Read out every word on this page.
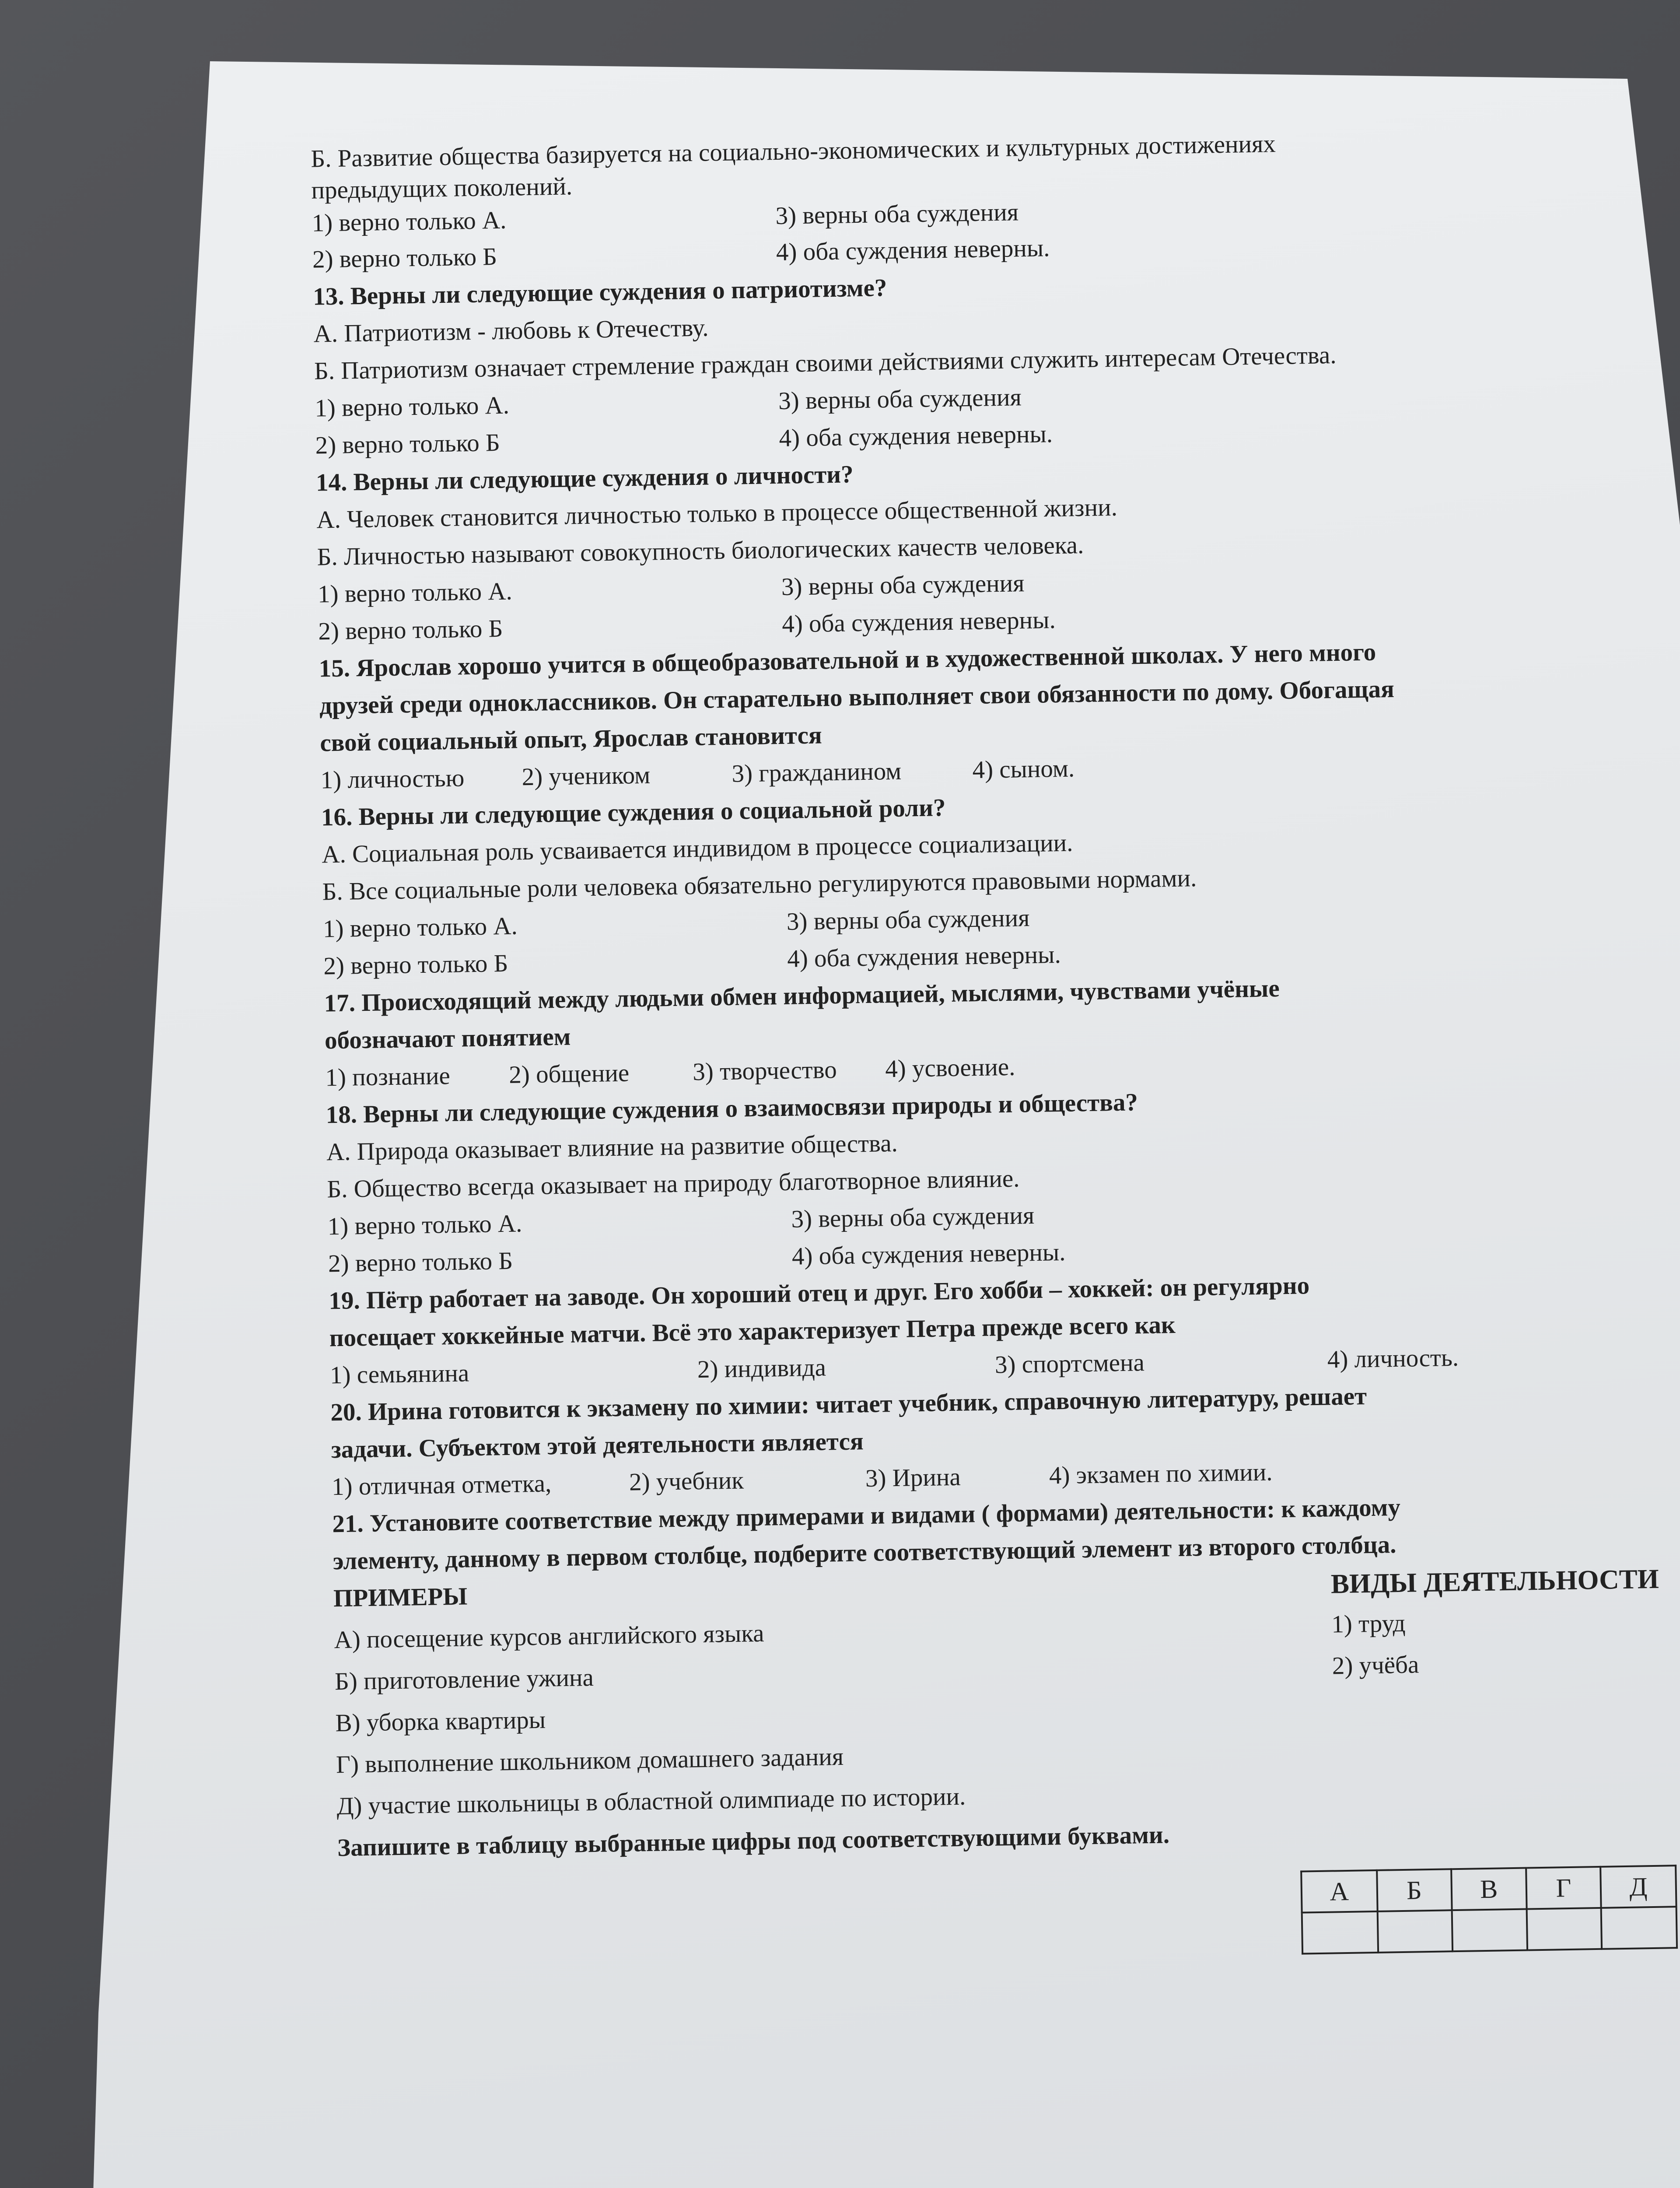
Б. Развитие общества базируется на социально-экономических и культурных достижениях
предыдущих поколений.
1) верно только А.	3) верны оба суждения
2) верно только Б	4) оба суждения неверны.
13. Верны ли следующие суждения о патриотизме?
А. Патриотизм - любовь к Отечеству.
Б. Патриотизм означает стремление граждан своими действиями служить интересам Отечества.
1) верно только А.	3) верны оба суждения
2) верно только Б	4) оба суждения неверны.
14. Верны ли следующие суждения о личности?
А. Человек становится личностью только в процессе общественной жизни.
Б. Личностью называют совокупность биологических качеств человека.
1) верно только А.	3) верны оба суждения
2) верно только Б	4) оба суждения неверны.
15. Ярослав хорошо учится в общеобразовательной и в художественной школах. У него много
друзей среди одноклассников. Он старательно выполняет свои обязанности по дому. Обогащая
свой социальный опыт, Ярослав становится
1) личностью 2) учеником	3) гражданином	4) сыном.
16. Верны ли следующие суждения о социальной роли?
А. Социальная роль усваивается индивидом в процессе социализации.
Б. Все социальные роли человека обязательно регулируются правовыми нормами.
1) верно только А.	3) верны оба суждения
2) верно только Б	4) оба суждения неверны.
17. Происходящий между людьми обмен информацией, мыслями, чувствами учёные
обозначают понятием
1) познание 2) общение	3) творчество 4) усвоение.
18. Верны ли следующие суждения о взаимосвязи природы и общества?
А. Природа оказывает влияние на развитие общества.
Б. Общество всегда оказывает на природу благотворное влияние.
1) верно только А.	3) верны оба суждения
2) верно только Б	4) оба суждения неверны.
19. Пётр работает на заводе. Он хороший отец и друг. Его хобби – хоккей: он регулярно
посещает хоккейные матчи. Всё это характеризует Петра прежде всего как
1) семьянина	2) индивида	3) спортсмена	4) личность.
20. Ирина готовится к экзамену по химии: читает учебник, справочную литературу, решает
задачи. Субъектом этой деятельности является
1) отличная отметка,	2) учебник	3) Ирина	4) экзамен по химии.
21. Установите соответствие между примерами и видами ( формами) деятельности: к каждому
элементу, данному в первом столбце, подберите соответствующий элемент из второго столбца.
ПРИМЕРЫ	ВИДЫ ДЕЯТЕЛЬНОСТИ
А) посещение курсов английского языка	1) труд
Б) приготовление ужина	2) учёба
В) уборка квартиры
Г) выполнение школьником домашнего задания
Д) участие школьницы в областной олимпиаде по истории.
Запишите в таблицу выбранные цифры под соответствующими буквами.
А	Б	В	Г	Д
